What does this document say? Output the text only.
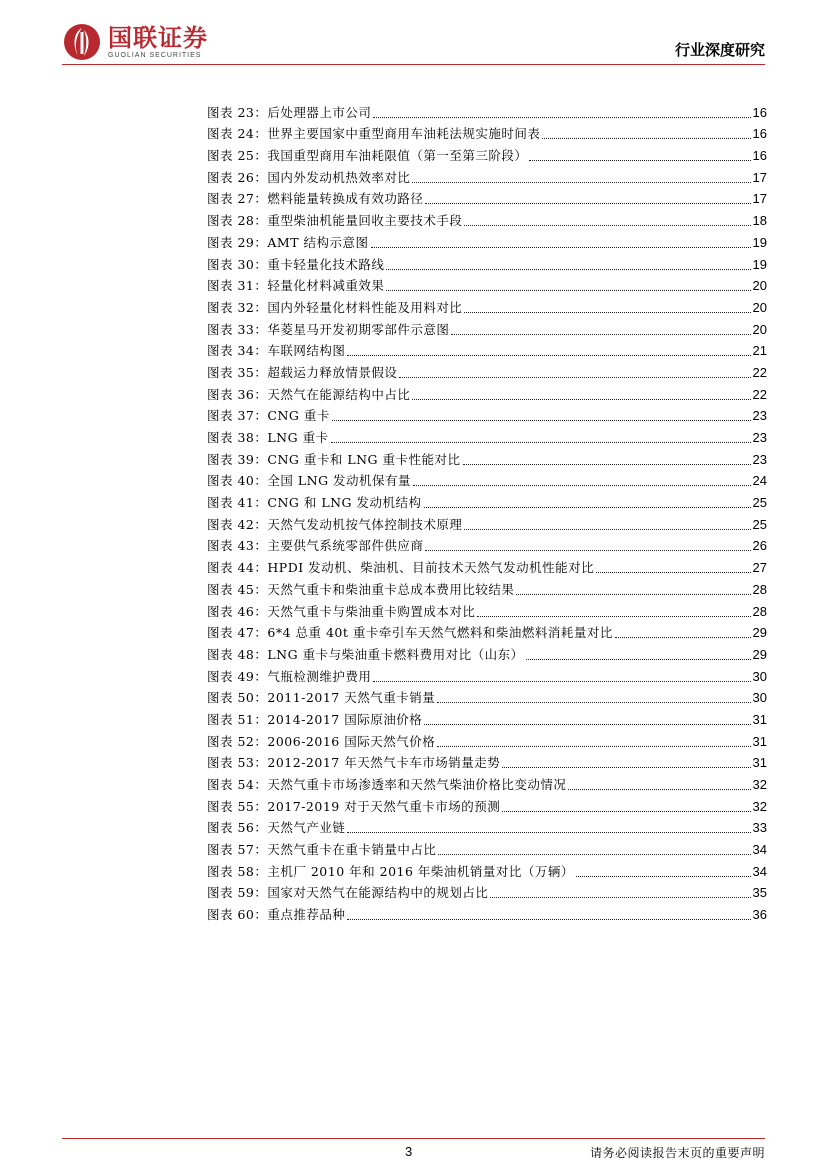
国联证券
GUOLIAN SECURITIES	行业深度研究
图表 23：后处理器上市公司	16
图表 24：世界主要国家中重型商用车油耗法规实施时间表	16
图表 25：我国重型商用车油耗限值（第一至第三阶段）	16
图表 26：国内外发动机热效率对比	17
图表 27：燃料能量转换成有效功路径	17
图表 28：重型柴油机能量回收主要技术手段	18
图表 29：AMT 结构示意图	19
图表 30：重卡轻量化技术路线	19
图表 31：轻量化材料减重效果	20
图表 32：国内外轻量化材料性能及用料对比	20
图表 33：华菱星马开发初期零部件示意图	20
图表 34：车联网结构图	21
图表 35：超载运力释放情景假设	22
图表 36：天然气在能源结构中占比	22
图表 37：CNG 重卡	23
图表 38：LNG 重卡	23
图表 39：CNG 重卡和 LNG 重卡性能对比	23
图表 40：全国 LNG 发动机保有量	24
图表 41：CNG 和 LNG 发动机结构	25
图表 42：天然气发动机按气体控制技术原理	25
图表 43：主要供气系统零部件供应商	26
图表 44：HPDI 发动机、柴油机、目前技术天然气发动机性能对比	27
图表 45：天然气重卡和柴油重卡总成本费用比较结果	28
图表 46：天然气重卡与柴油重卡购置成本对比	28
图表 47：6*4 总重 40t 重卡牵引车天然气燃料和柴油燃料消耗量对比	29
图表 48：LNG 重卡与柴油重卡燃料费用对比（山东）	29
图表 49：气瓶检测维护费用	30
图表 50：2011-2017 天然气重卡销量	30
图表 51：2014-2017 国际原油价格	31
图表 52：2006-2016 国际天然气价格	31
图表 53：2012-2017 年天然气卡车市场销量走势	31
图表 54：天然气重卡市场渗透率和天然气柴油价格比变动情况	32
图表 55：2017-2019 对于天然气重卡市场的预测	32
图表 56：天然气产业链	33
图表 57：天然气重卡在重卡销量中占比	34
图表 58：主机厂 2010 年和 2016 年柴油机销量对比（万辆）	34
图表 59：国家对天然气在能源结构中的规划占比	35
图表 60：重点推荐品种	36
3	请务必阅读报告末页的重要声明
